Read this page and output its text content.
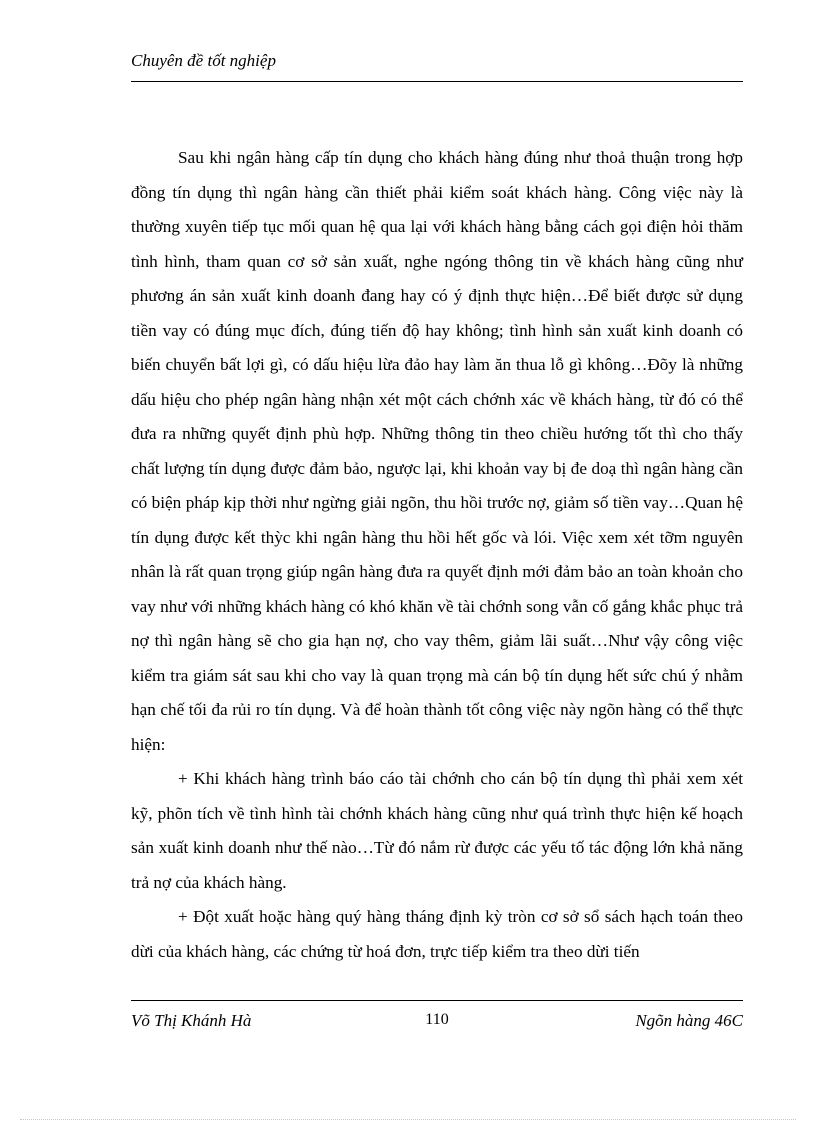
Chuyên đề tốt nghiệp

Sau khi ngân hàng cấp tín dụng cho khách hàng đúng như thoả thuận trong hợp đồng tín dụng thì ngân hàng cần thiết phải kiểm soát khách hàng. Công việc này là thường xuyên tiếp tục mối quan hệ qua lại với khách hàng bằng cách gọi điện hỏi thăm tình hình, tham quan cơ sở sản xuất, nghe ngóng thông tin về khách hàng cũng như phương án sản xuất kinh doanh đang hay có ý định thực hiện…Để biết được sử dụng tiền vay có đúng mục đích, đúng tiến độ hay không; tình hình sản xuất kinh doanh có biến chuyển bất lợi gì, có dấu hiệu lừa đảo hay làm ăn thua lỗ gì không…Đõy là những dấu hiệu cho phép ngân hàng nhận xét một cách chớnh xác về khách hàng, từ đó có thể đưa ra những quyết định phù hợp. Những thông tin theo chiều hướng tốt thì cho thấy chất lượng tín dụng được đảm bảo, ngược lại, khi khoản vay bị đe doạ thì ngân hàng cần có biện pháp kịp thời như ngừng giải ngõn, thu hồi trước nợ, giảm số tiền vay…Quan hệ tín dụng được kết thỳc khi ngân hàng thu hồi hết gốc và lói. Việc xem xét tỡm nguyên nhân là rất quan trọng giúp ngân hàng đưa ra quyết định mới đảm bảo an toàn khoản cho vay như với những khách hàng có khó khăn về tài chớnh song vẫn cố gắng khắc phục trả nợ thì ngân hàng sẽ cho gia hạn nợ, cho vay thêm, giảm lãi suất…Như vậy công việc kiểm tra giám sát sau khi cho vay là quan trọng mà cán bộ tín dụng hết sức chú ý nhằm hạn chế tối đa rủi ro tín dụng. Và để hoàn thành tốt công việc này ngõn hàng có thể thực hiện:

+ Khi khách hàng trình báo cáo tài chớnh cho cán bộ tín dụng thì phải xem xét kỹ, phõn tích về tình hình tài chớnh khách hàng cũng như quá trình thực hiện kế hoạch sản xuất kinh doanh như thế nào…Từ đó nắm rừ được các yếu tố tác động lớn khả năng trả nợ của khách hàng.

+ Đột xuất hoặc hàng quý hàng tháng định kỳ tròn cơ sở sổ sách hạch toán theo dừi của khách hàng, các chứng từ hoá đơn, trực tiếp kiểm tra theo dừi tiến

Võ Thị Khánh Hà	110	Ngõn hàng 46C
